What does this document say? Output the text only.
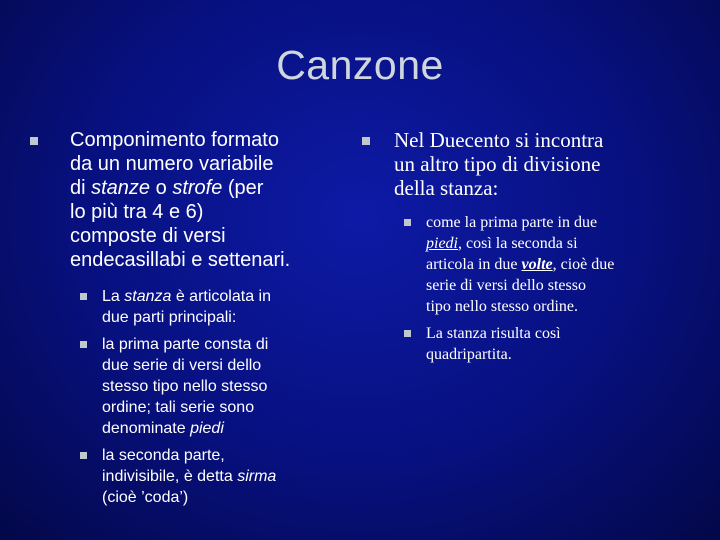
Canzone
Componimento formato
da un numero variabile
di stanze o strofe (per
lo più tra 4 e 6)
composte di versi
endecasillabi e settenari.
La stanza è articolata in
due parti principali:
la prima parte consta di
due serie di versi dello
stesso tipo nello stesso
ordine; tali serie sono
denominate piedi
la seconda parte,
indivisibile, è detta sirma
(cioè ’coda’)
Nel Duecento si incontra
un altro tipo di divisione
della stanza:
come la prima parte in due
piedi, così la seconda si
articola in due volte, cioè due
serie di versi dello stesso
tipo nello stesso ordine.
La stanza risulta così
quadripartita.
